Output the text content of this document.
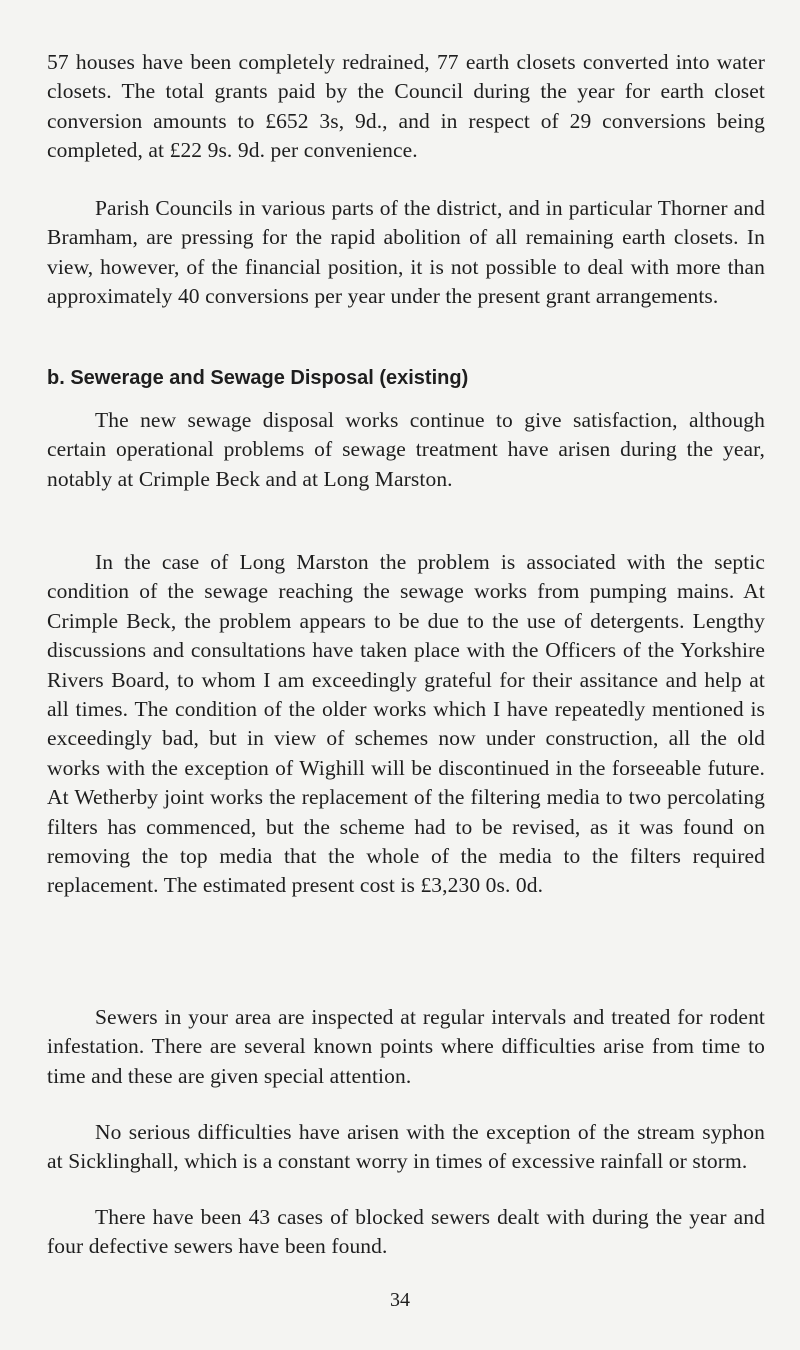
57 houses have been completely redrained, 77 earth closets converted into water closets. The total grants paid by the Council during the year for earth closet conversion amounts to £652 3s, 9d., and in respect of 29 conversions being completed, at £22 9s. 9d. per convenience.

Parish Councils in various parts of the district, and in particular Thorner and Bramham, are pressing for the rapid abolition of all remaining earth closets. In view, however, of the financial position, it is not possible to deal with more than approximately 40 conversions per year under the present grant arrangements.

b. Sewerage and Sewage Disposal (existing)

The new sewage disposal works continue to give satisfaction, although certain operational problems of sewage treatment have arisen during the year, notably at Crimple Beck and at Long Marston.

In the case of Long Marston the problem is associated with the septic condition of the sewage reaching the sewage works from pumping mains. At Crimple Beck, the problem appears to be due to the use of detergents. Lengthy discussions and consultations have taken place with the Officers of the Yorkshire Rivers Board, to whom I am exceedingly grateful for their assitance and help at all times. The condition of the older works which I have repeatedly mentioned is exceedingly bad, but in view of schemes now under construction, all the old works with the exception of Wighill will be discontinued in the forseeable future. At Wetherby joint works the replacement of the filtering media to two percolating filters has commenced, but the scheme had to be revised, as it was found on removing the top media that the whole of the media to the filters required replacement. The estimated present cost is £3,230 0s. 0d.

Sewers in your area are inspected at regular intervals and treated for rodent infestation. There are several known points where difficulties arise from time to time and these are given special attention.

No serious difficulties have arisen with the exception of the stream syphon at Sicklinghall, which is a constant worry in times of excessive rainfall or storm.

There have been 43 cases of blocked sewers dealt with during the year and four defective sewers have been found.

34
